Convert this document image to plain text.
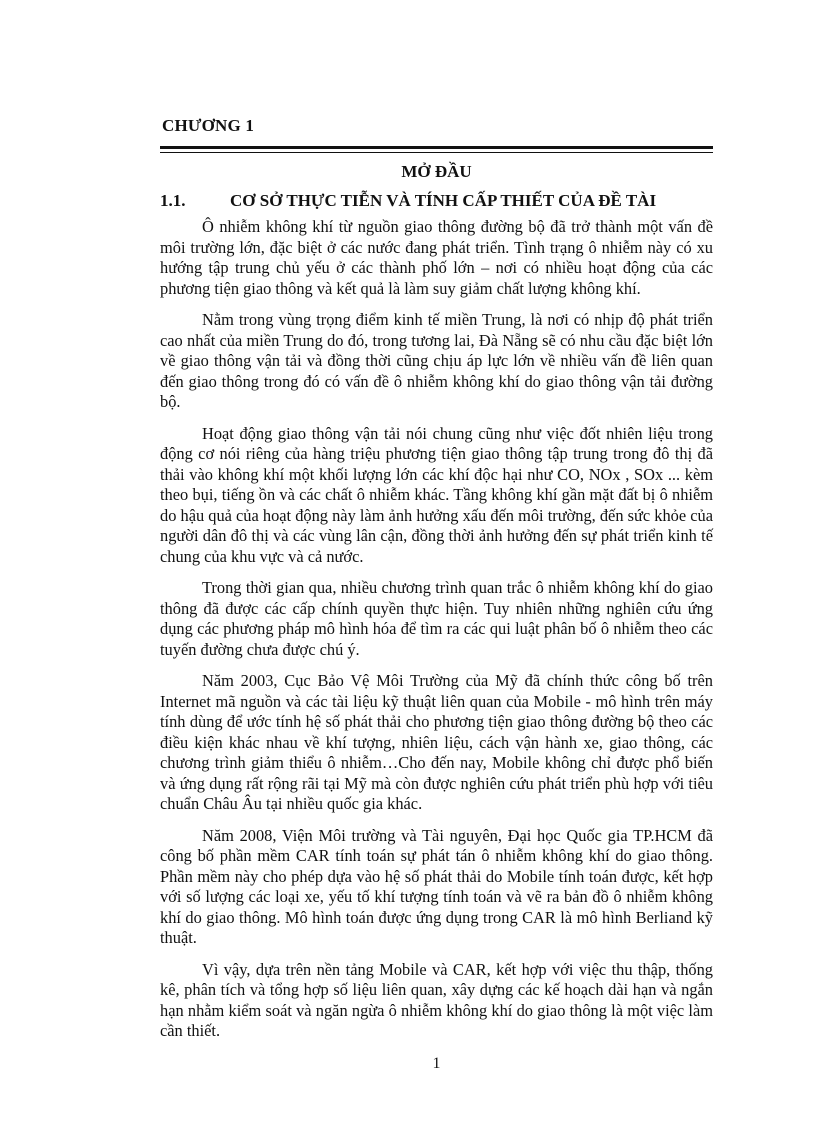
CHƯƠNG 1
MỞ ĐẦU
1.1.	CƠ SỞ THỰC TIỄN VÀ TÍNH CẤP THIẾT CỦA ĐỀ TÀI

Ô nhiễm không khí từ nguồn giao thông đường bộ đã trở thành một vấn đề môi trường lớn, đặc biệt ở các nước đang phát triển. Tình trạng ô nhiễm này có xu hướng tập trung chủ yếu ở các thành phố lớn – nơi có nhiều hoạt động của các phương tiện giao thông và kết quả là làm suy giảm chất lượng không khí.

Nằm trong vùng trọng điểm kinh tế miền Trung, là nơi có nhịp độ phát triển cao nhất của miền Trung do đó, trong tương lai, Đà Nẵng sẽ có nhu cầu đặc biệt lớn về giao thông vận tải và đồng thời cũng chịu áp lực lớn về nhiều vấn đề liên quan đến giao thông trong đó có vấn đề ô nhiễm không khí do giao thông vận tải đường bộ.

Hoạt động giao thông vận tải nói chung cũng như việc đốt nhiên liệu trong động cơ nói riêng của hàng triệu phương tiện giao thông tập trung trong đô thị đã thải vào không khí một khối lượng lớn các khí độc hại như CO, NOx , SOx ... kèm theo bụi, tiếng ồn và các chất ô nhiễm khác. Tầng không khí gần mặt đất bị ô nhiễm do hậu quả của hoạt động này làm ảnh hưởng xấu đến môi trường, đến sức khỏe của người dân đô thị và các vùng lân cận, đồng thời ảnh hưởng đến sự phát triển kinh tế chung của khu vực và cả nước.

Trong thời gian qua, nhiều chương trình quan trắc ô nhiễm không khí do giao thông đã được các cấp chính quyền thực hiện. Tuy nhiên những nghiên cứu ứng dụng các phương pháp mô hình hóa để tìm ra các qui luật phân bố ô nhiễm theo các tuyến đường chưa được chú ý.

Năm 2003, Cục Bảo Vệ Môi Trường của Mỹ đã chính thức công bố trên Internet mã nguồn và các tài liệu kỹ thuật liên quan của Mobile - mô hình trên máy tính dùng để ước tính hệ số phát thải cho phương tiện giao thông đường bộ theo các điều kiện khác nhau về khí tượng, nhiên liệu, cách vận hành xe, giao thông, các chương trình giảm thiểu ô nhiễm…Cho đến nay, Mobile không chỉ được phổ biến và ứng dụng rất rộng rãi tại Mỹ mà còn được nghiên cứu phát triển phù hợp với tiêu chuẩn Châu Âu tại nhiều quốc gia khác.

Năm 2008, Viện Môi trường và Tài nguyên, Đại học Quốc gia TP.HCM đã công bố phần mềm CAR tính toán sự phát tán ô nhiễm không khí do giao thông. Phần mềm này cho phép dựa vào hệ số phát thải do Mobile tính toán được, kết hợp với số lượng các loại xe, yếu tố khí tượng tính toán và vẽ ra bản đồ ô nhiễm không khí do giao thông. Mô hình toán được ứng dụng trong CAR là mô hình Berliand kỹ thuật.

Vì vậy, dựa trên nền tảng Mobile và CAR, kết hợp với việc thu thập, thống kê, phân tích và tổng hợp số liệu liên quan, xây dựng các kế hoạch dài hạn và ngắn hạn nhằm kiểm soát và ngăn ngừa ô nhiễm không khí do giao thông là một việc làm cần thiết.

1
